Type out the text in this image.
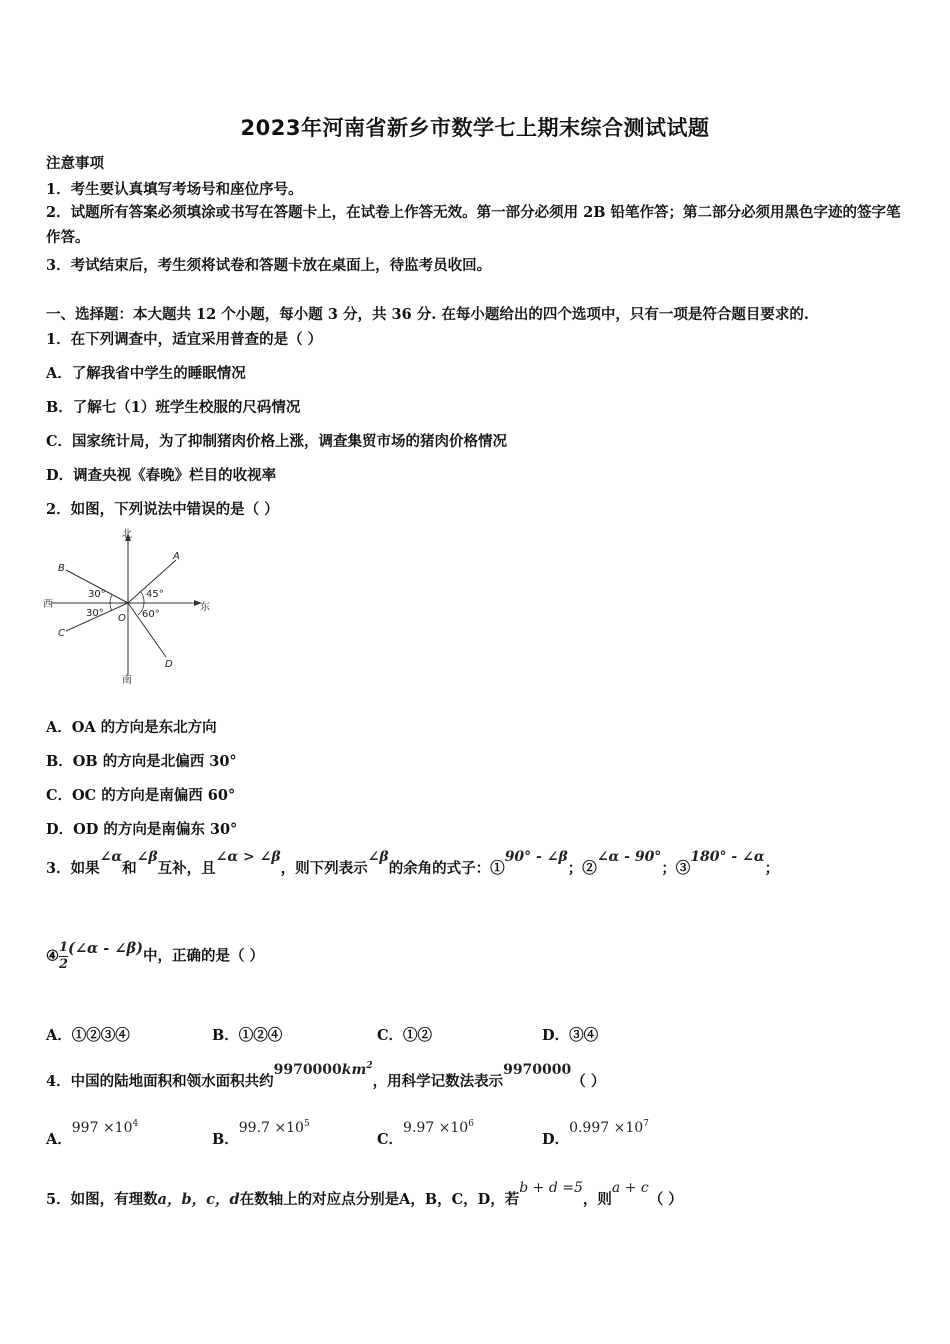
2023年河南省新乡市数学七上期末综合测试试题
注意事项
1．考生要认真填写考场号和座位序号。
2．试题所有答案必须填涂或书写在答题卡上，在试卷上作答无效。第一部分必须用 2B 铅笔作答；第二部分必须用黑色字迹的签字笔作答。
3．考试结束后，考生须将试卷和答题卡放在桌面上，待监考员收回。
一、选择题：本大题共 12 个小题，每小题 3 分，共 36 分. 在每小题给出的四个选项中，只有一项是符合题目要求的.
1．在下列调查中，适宜采用普查的是（ ）
A．了解我省中学生的睡眠情况
B．了解七（1）班学生校服的尺码情况
C．国家统计局，为了抑制猪肉价格上涨，调查集贸市场的猪肉价格情况
D．调查央视《春晚》栏目的收视率
2．如图，下列说法中错误的是（ ）
北
南
西	东
B
C
A
D
O
30°
30°
45°
60°
A．OA 的方向是东北方向
B．OB 的方向是北偏西 30°
C．OC 的方向是南偏西 60°
D．OD 的方向是南偏东 30°
3．如果∠α和∠β互补，且∠α > ∠β，则下列表示∠β的余角的式子：①90° - ∠β；②∠α - 90°；③180° - ∠α；
④ $\frac{1}{2}$ (∠α - ∠β)中，正确的是（ ）
A．①②③④	B．①②④	C．①②	D．③④
4．中国的陆地面积和领水面积共约$9970000km^2$，用科学记数法表示9970000（ ）
A．$997 \times 10^4$
B．$99.7 \times 10^5$
C．$9.97 \times 10^6$
D．$0.997 \times 10^7$
5．如图，有理数a，b，c，d在数轴上的对应点分别是A，B，C，D，若b + d =5，则a + c（ ）
